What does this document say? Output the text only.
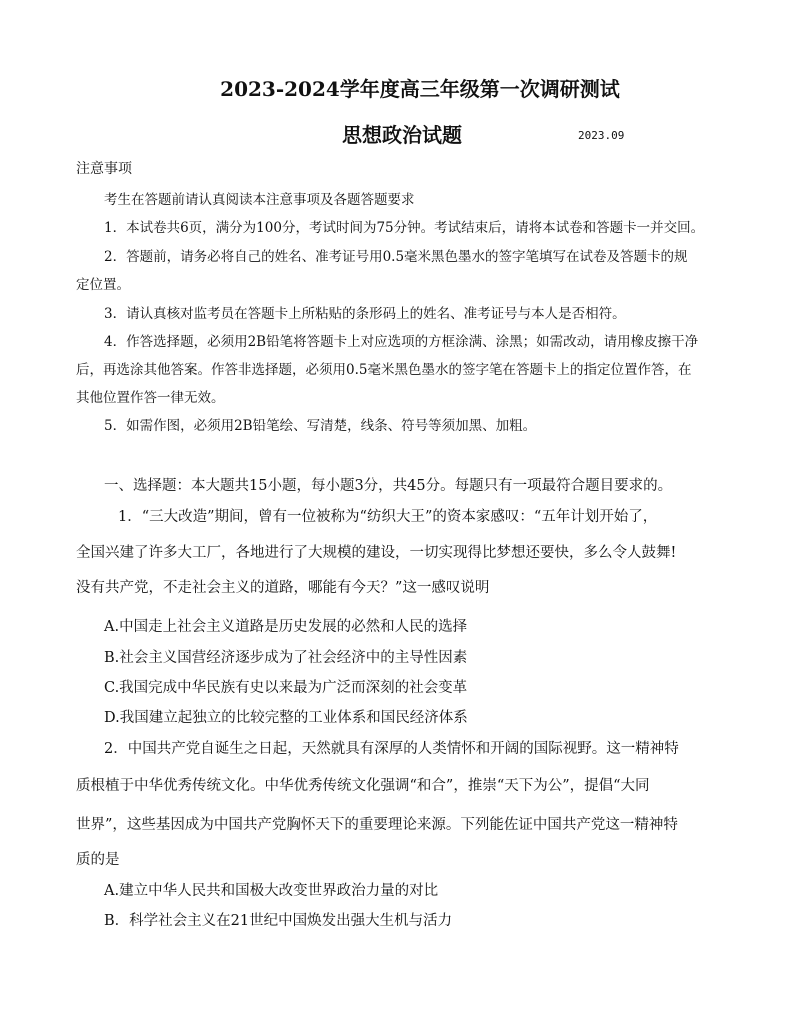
2023-2024学年度高三年级第一次调研测试
思想政治试题	2023.09
注意事项
考生在答题前请认真阅读本注意事项及各题答题要求
1．本试卷共6页，满分为100分，考试时间为75分钟。考试结束后，请将本试卷和答题卡一并交回。
2．答题前，请务必将自己的姓名、准考证号用0.5毫米黑色墨水的签字笔填写在试卷及答题卡的规
定位置。
3．请认真核对监考员在答题卡上所粘贴的条形码上的姓名、准考证号与本人是否相符。
4．作答选择题，必须用2B铅笔将答题卡上对应选项的方框涂满、涂黑；如需改动，请用橡皮擦干净
后，再选涂其他答案。作答非选择题，必须用0.5毫米黑色墨水的签字笔在答题卡上的指定位置作答，在
其他位置作答一律无效。
5．如需作图，必须用2B铅笔绘、写清楚，线条、符号等须加黑、加粗。
一、选择题：本大题共15小题，每小题3分，共45分。每题只有一项最符合题目要求的。
1．“三大改造”期间，曾有一位被称为“纺织大王”的资本家感叹：“五年计划开始了，
全国兴建了许多大工厂，各地进行了大规模的建设，一切实现得比梦想还要快，多么令人鼓舞!
没有共产党，不走社会主义的道路，哪能有今天？”这一感叹说明
A.中国走上社会主义道路是历史发展的必然和人民的选择
B.社会主义国营经济逐步成为了社会经济中的主导性因素
C.我国完成中华民族有史以来最为广泛而深刻的社会变革
D.我国建立起独立的比较完整的工业体系和国民经济体系
2．中国共产党自诞生之日起，天然就具有深厚的人类情怀和开阔的国际视野。这一精神特
质根植于中华优秀传统文化。中华优秀传统文化强调“和合”，推崇“天下为公”，提倡“大同
世界”，这些基因成为中国共产党胸怀天下的重要理论来源。下列能佐证中国共产党这一精神特
质的是
A.建立中华人民共和国极大改变世界政治力量的对比
B．科学社会主义在21世纪中国焕发出强大生机与活力
